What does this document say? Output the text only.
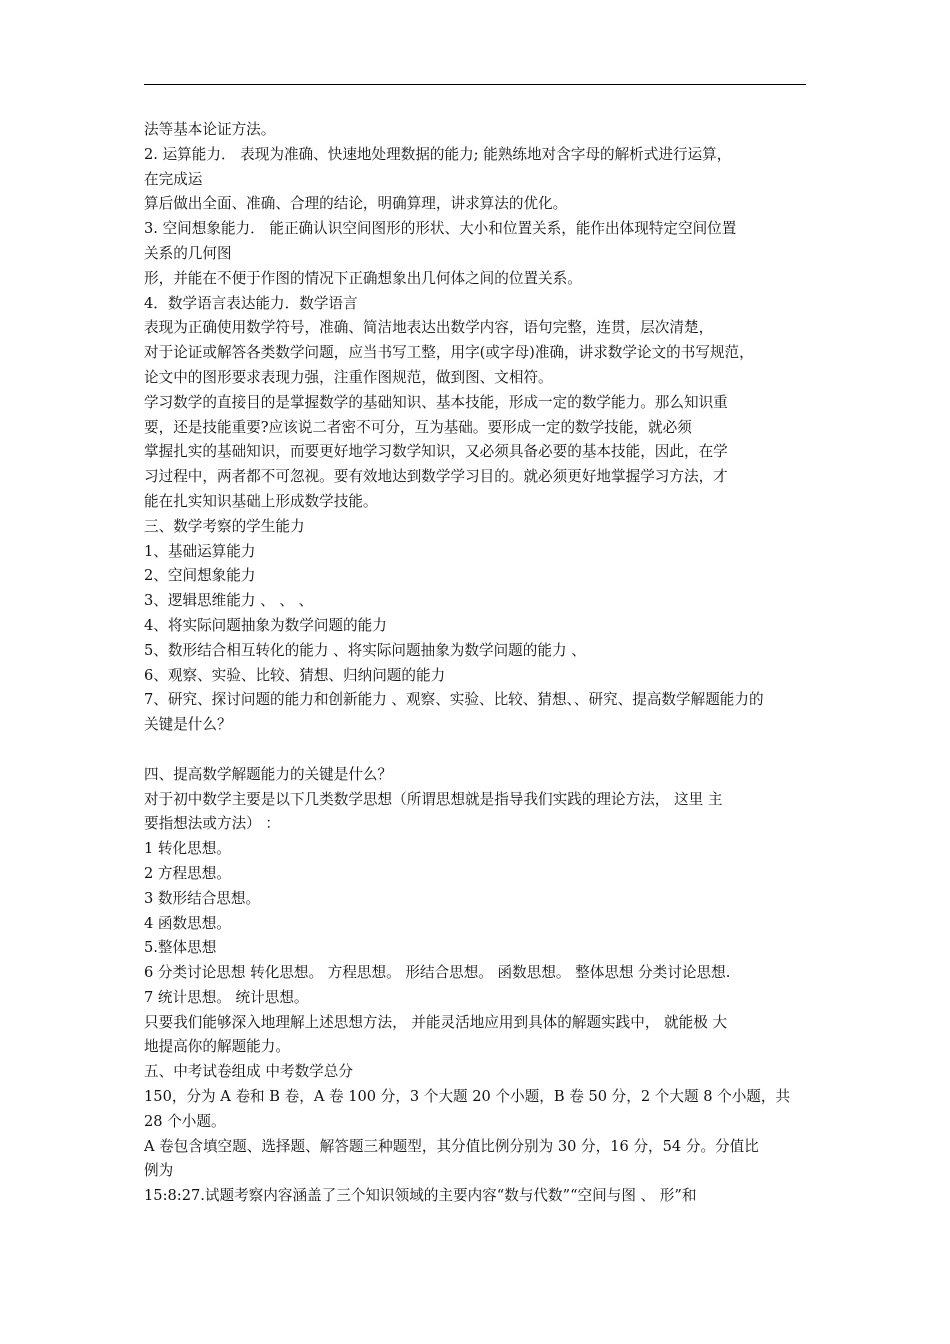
法等基本论证方法。
2. 运算能力． 表现为准确、快速地处理数据的能力; 能熟练地对含字母的解析式进行运算，
在完成运
算后做出全面、准确、合理的结论，明确算理，讲求算法的优化。
3. 空间想象能力． 能正确认识空间图形的形状、大小和位置关系，能作出体现特定空间位置
关系的几何图
形，并能在不便于作图的情况下正确想象出几何体之间的位置关系。
4．数学语言表达能力．数学语言
表现为正确使用数学符号，准确、简洁地表达出数学内容，语句完整，连贯，层次清楚，
对于论证或解答各类数学问题，应当书写工整，用字(或字母)准确，讲求数学论文的书写规范，
论文中的图形要求表现力强，注重作图规范，做到图、文相符。
学习数学的直接目的是掌握数学的基础知识、基本技能，形成一定的数学能力。那么知识重
要，还是技能重要?应该说二者密不可分，互为基础。要形成一定的数学技能，就必须
掌握扎实的基础知识，而要更好地学习数学知识，又必须具备必要的基本技能，因此，在学
习过程中，两者都不可忽视。要有效地达到数学学习目的。就必须更好地掌握学习方法，才
能在扎实知识基础上形成数学技能。
三、数学考察的学生能力
1、基础运算能力
2、空间想象能力
3、逻辑思维能力 、 、 、
4、将实际问题抽象为数学问题的能力
5、数形结合相互转化的能力 、将实际问题抽象为数学问题的能力 、
6、观察、实验、比较、猜想、归纳问题的能力
7、研究、探讨问题的能力和创新能力 、观察、实验、比较、猜想、、研究、提高数学解题能力的
关键是什么？
四、提高数学解题能力的关键是什么？
对于初中数学主要是以下几类数学思想（所谓思想就是指导我们实践的理论方法， 这里 主
要指想法或方法） ：
1 转化思想。
2 方程思想。
3 数形结合思想。
4 函数思想。
5.整体思想
6 分类讨论思想 转化思想。 方程思想。 形结合思想。 函数思想。 整体思想 分类讨论思想.
7 统计思想。 统计思想。
只要我们能够深入地理解上述思想方法， 并能灵活地应用到具体的解题实践中， 就能极 大
地提高你的解题能力。
五、中考试卷组成 中考数学总分
150，分为 A 卷和 B 卷，A 卷 100 分，3 个大题 20 个小题，B 卷 50 分，2 个大题 8 个小题，共
28 个小题。
A 卷包含填空题、选择题、解答题三种题型，其分值比例分别为 30 分，16 分，54 分。分值比
例为
15:8:27.试题考察内容涵盖了三个知识领域的主要内容“数与代数”“空间与图 、 形”和
